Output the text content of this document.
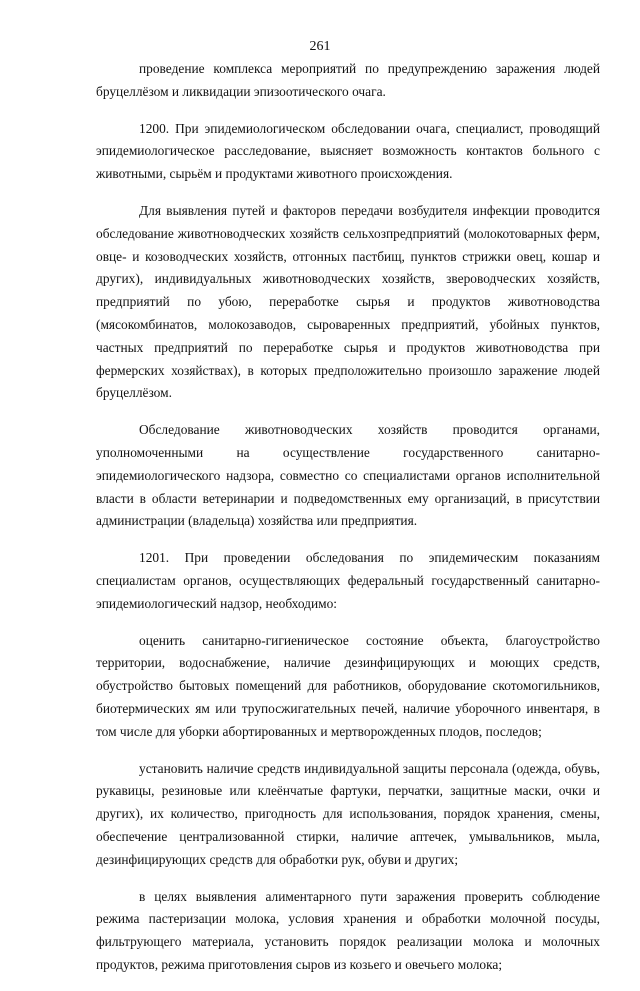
261

проведение комплекса мероприятий по предупреждению заражения людей бруцеллёзом и ликвидации эпизоотического очага.

1200. При эпидемиологическом обследовании очага, специалист, проводящий эпидемиологическое расследование, выясняет возможность контактов больного с животными, сырьём и продуктами животного происхождения.

Для выявления путей и факторов передачи возбудителя инфекции проводится обследование животноводческих хозяйств сельхозпредприятий (молокотоварных ферм, овце- и козоводческих хозяйств, отгонных пастбищ, пунктов стрижки овец, кошар и других), индивидуальных животноводческих хозяйств, звероводческих хозяйств, предприятий по убою, переработке сырья и продуктов животноводства (мясокомбинатов, молокозаводов, сыроваренных предприятий, убойных пунктов, частных предприятий по переработке сырья и продуктов животноводства при фермерских хозяйствах), в которых предположительно произошло заражение людей бруцеллёзом.

Обследование животноводческих хозяйств проводится органами, уполномоченными на осуществление государственного санитарно-эпидемиологического надзора, совместно со специалистами органов исполнительной власти в области ветеринарии и подведомственных ему организаций, в присутствии администрации (владельца) хозяйства или предприятия.

1201. При проведении обследования по эпидемическим показаниям специалистам органов, осуществляющих федеральный государственный санитарно-эпидемиологический надзор, необходимо:

оценить санитарно-гигиеническое состояние объекта, благоустройство территории, водоснабжение, наличие дезинфицирующих и моющих средств, обустройство бытовых помещений для работников, оборудование скотомогильников, биотермических ям или трупосжигательных печей, наличие уборочного инвентаря, в том числе для уборки абортированных и мертворожденных плодов, последов;

установить наличие средств индивидуальной защиты персонала (одежда, обувь, рукавицы, резиновые или клеёнчатые фартуки, перчатки, защитные маски, очки и других), их количество, пригодность для использования, порядок хранения, смены, обеспечение централизованной стирки, наличие аптечек, умывальников, мыла, дезинфицирующих средств для обработки рук, обуви и других;

в целях выявления алиментарного пути заражения проверить соблюдение режима пастеризации молока, условия хранения и обработки молочной посуды, фильтрующего материала, установить порядок реализации молока и молочных продуктов, режима приготовления сыров из козьего и овечьего молока;
